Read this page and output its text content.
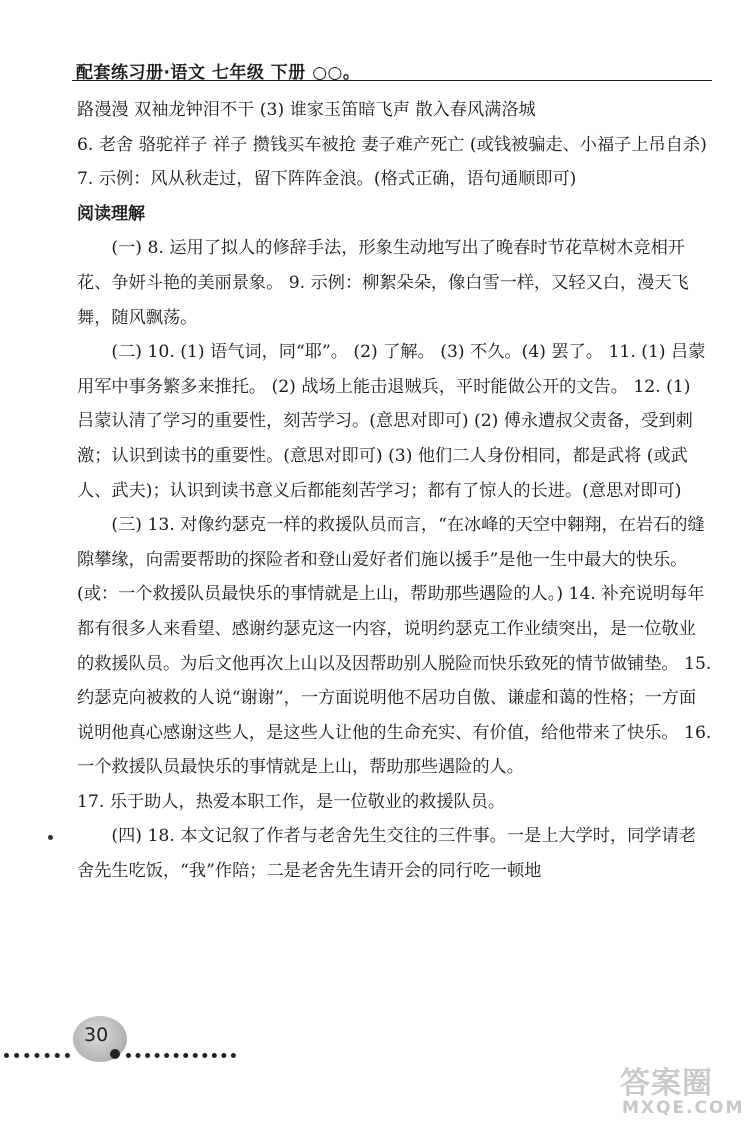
配套练习册·语文 七年级 下册 ○○。

路漫漫 双袖龙钟泪不干 (3) 谁家玉笛暗飞声 散入春风满洛城

6. 老舍 骆驼祥子 祥子 攒钱买车被抢 妻子难产死亡 (或钱被骗走、小福子上吊自杀) 7. 示例：风从秋走过，留下阵阵金浪。(格式正确，语句通顺即可)

阅读理解

(一) 8. 运用了拟人的修辞手法，形象生动地写出了晚春时节花草树木竞相开花、争妍斗艳的美丽景象。 9. 示例：柳絮朵朵，像白雪一样，又轻又白，漫天飞舞，随风飘荡。

(二) 10. (1) 语气词，同“耶”。 (2) 了解。 (3) 不久。(4) 罢了。 11. (1) 吕蒙用军中事务繁多来推托。 (2) 战场上能击退贼兵，平时能做公开的文告。 12. (1) 吕蒙认清了学习的重要性，刻苦学习。(意思对即可) (2) 傅永遭叔父责备，受到刺激；认识到读书的重要性。(意思对即可) (3) 他们二人身份相同，都是武将 (或武人、武夫)；认识到读书意义后都能刻苦学习；都有了惊人的长进。(意思对即可)

(三) 13. 对像约瑟克一样的救援队员而言，“在冰峰的天空中翱翔，在岩石的缝隙攀缘，向需要帮助的探险者和登山爱好者们施以援手”是他一生中最大的快乐。(或：一个救援队员最快乐的事情就是上山，帮助那些遇险的人。) 14. 补充说明每年都有很多人来看望、感谢约瑟克这一内容，说明约瑟克工作业绩突出，是一位敬业的救援队员。为后文他再次上山以及因帮助别人脱险而快乐致死的情节做铺垫。 15. 约瑟克向被救的人说“谢谢”，一方面说明他不居功自傲、谦虚和蔼的性格；一方面说明他真心感谢这些人，是这些人让他的生命充实、有价值，给他带来了快乐。 16. 一个救援队员最快乐的事情就是上山，帮助那些遇险的人。

17. 乐于助人，热爱本职工作，是一位敬业的救援队员。

(四) 18. 本文记叙了作者与老舍先生交往的三件事。一是上大学时，同学请老舍先生吃饭，“我”作陪；二是老舍先生请开会的同行吃一顿地

30
答案圈
MXQE.COM
